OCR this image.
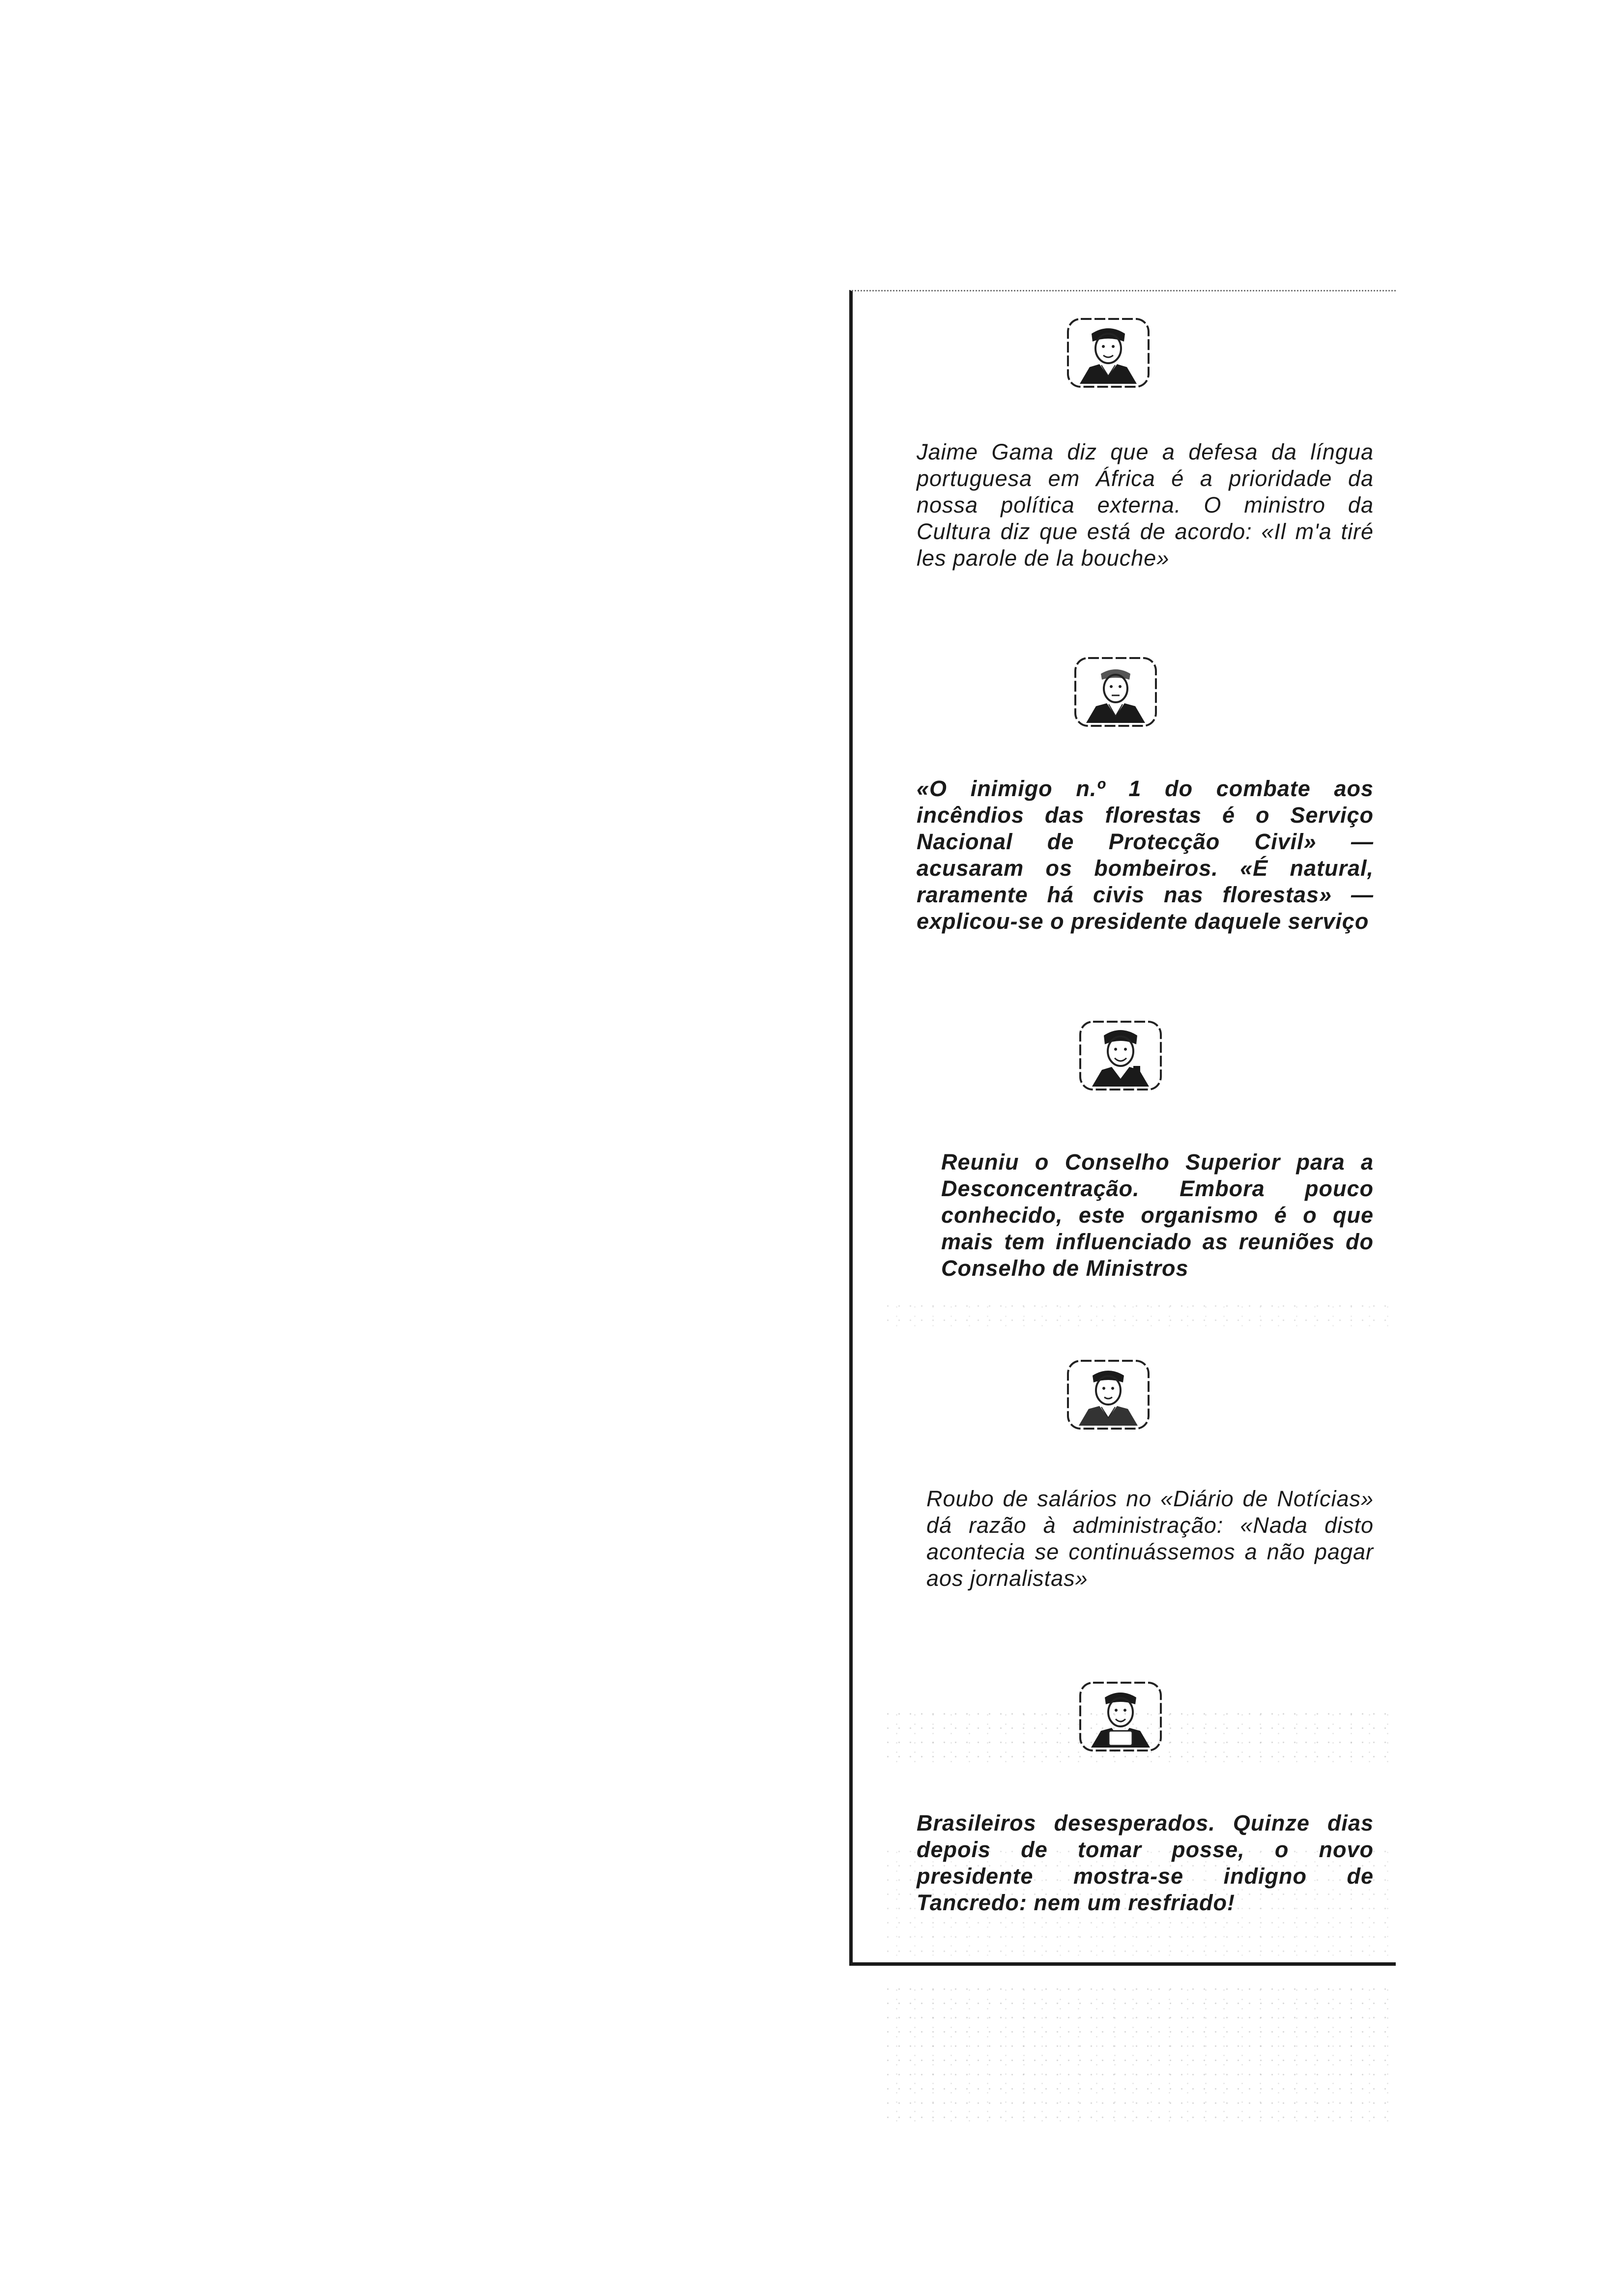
Jaime Gama diz que a defesa da língua portuguesa em África é a prioridade da nossa política externa. O ministro da Cultura diz que está de acordo: «Il m'a tiré les parole de la bouche»

«O inimigo n.º 1 do combate aos incêndios das florestas é o Serviço Nacional de Protecção Civil» — acusaram os bombeiros. «É natural, raramente há civis nas florestas» — explicou-se o presidente daquele serviço

Reuniu o Conselho Superior para a Desconcentração. Embora pouco conhecido, este organismo é o que mais tem influenciado as reuniões do Conselho de Ministros

Roubo de salários no «Diário de Notícias» dá razão à administração: «Nada disto acontecia se continuássemos a não pagar aos jornalistas»

Brasileiros desesperados. Quinze dias depois de tomar posse, o novo presidente mostra-se indigno de Tancredo: nem um resfriado!
